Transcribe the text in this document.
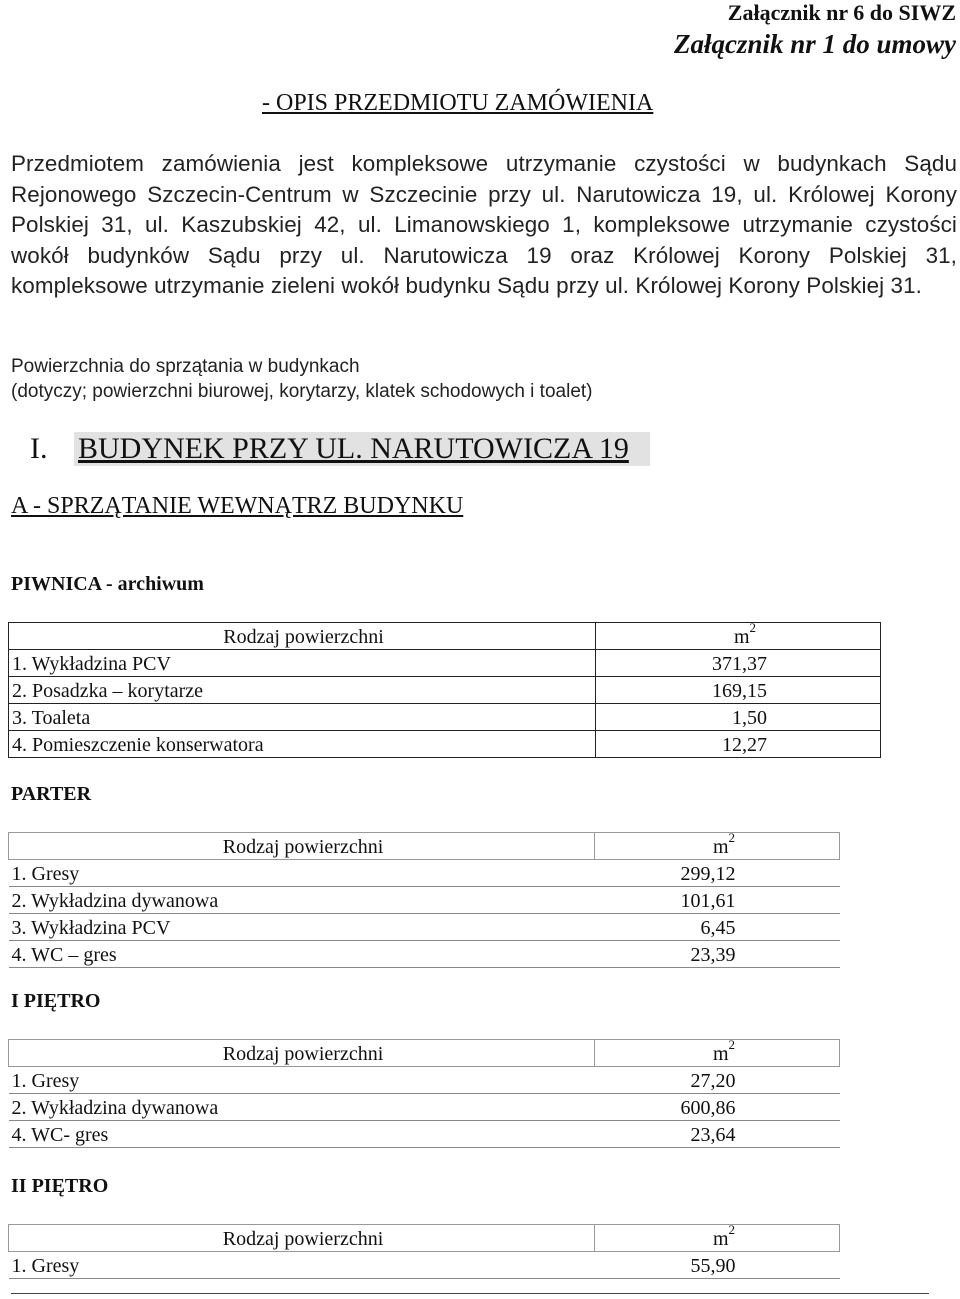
Załącznik nr 6 do SIWZ
Załącznik nr 1 do umowy
- OPIS PRZEDMIOTU ZAMÓWIENIA
Przedmiotem zamówienia jest kompleksowe utrzymanie czystości w budynkach Sądu Rejonowego Szczecin-Centrum w Szczecinie przy ul. Narutowicza 19, ul. Królowej Korony Polskiej 31, ul. Kaszubskiej 42, ul. Limanowskiego 1, kompleksowe utrzymanie czystości wokół budynków Sądu przy ul. Narutowicza 19 oraz Królowej Korony Polskiej 31, kompleksowe utrzymanie zieleni wokół budynku Sądu przy ul. Królowej Korony Polskiej 31.
Powierzchnia do sprzątania w budynkach
(dotyczy; powierzchni biurowej, korytarzy, klatek schodowych i toalet)
I. BUDYNEK PRZY UL. NARUTOWICZA 19
A - SPRZĄTANIE WEWNĄTRZ BUDYNKU
PIWNICA - archiwum
Rodzaj powierzchni	$m^2$
1. Wykładzina PCV	371,37
2. Posadzka – korytarze	169,15
3. Toaleta	1,50
4. Pomieszczenie konserwatora	12,27
PARTER
Rodzaj powierzchni	$m^2$
1. Gresy	299,12
2. Wykładzina dywanowa	101,61
3. Wykładzina PCV	6,45
4. WC – gres	23,39
I PIĘTRO
Rodzaj powierzchni	$m^2$
1. Gresy	27,20
2. Wykładzina dywanowa	600,86
4. WC- gres	23,64
II PIĘTRO
Rodzaj powierzchni	$m^2$
1. Gresy	55,90
